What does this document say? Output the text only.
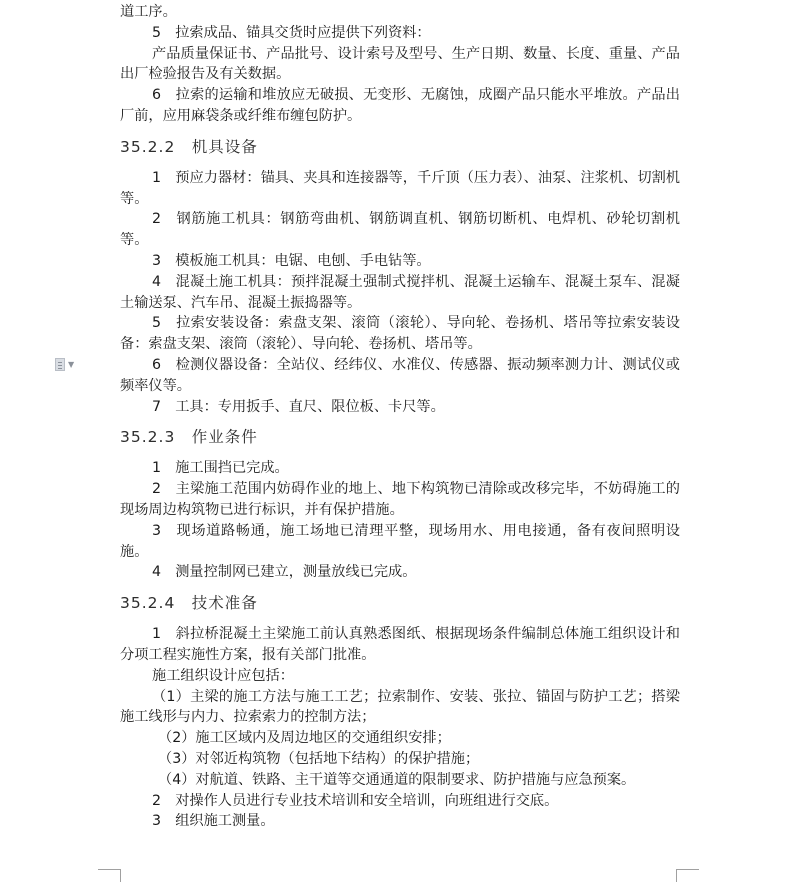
▼

道工序。

5　拉索成品、锚具交货时应提供下列资料：

产品质量保证书、产品批号、设计索号及型号、生产日期、数量、长度、重量、产品出厂检验报告及有关数据。

6　拉索的运输和堆放应无破损、无变形、无腐蚀，成圈产品只能水平堆放。产品出厂前，应用麻袋条或纤维布缠包防护。

35.2.2　机具设备

1　预应力器材：锚具、夹具和连接器等，千斤顶（压力表）、油泵、注浆机、切割机等。

2　钢筋施工机具：钢筋弯曲机、钢筋调直机、钢筋切断机、电焊机、砂轮切割机等。

3　模板施工机具：电锯、电刨、手电钻等。

4　混凝土施工机具：预拌混凝土强制式搅拌机、混凝土运输车、混凝土泵车、混凝土输送泵、汽车吊、混凝土振捣器等。

5　拉索安装设备：索盘支架、滚筒（滚轮）、导向轮、卷扬机、塔吊等拉索安装设备：索盘支架、滚筒（滚轮）、导向轮、卷扬机、塔吊等。

6　检测仪器设备：全站仪、经纬仪、水准仪、传感器、振动频率测力计、测试仪或频率仪等。

7　工具：专用扳手、直尺、限位板、卡尺等。

35.2.3　作业条件

1　施工围挡已完成。

2　主梁施工范围内妨碍作业的地上、地下构筑物已清除或改移完毕，不妨碍施工的现场周边构筑物已进行标识，并有保护措施。

3　现场道路畅通，施工场地已清理平整，现场用水、用电接通，备有夜间照明设施。

4　测量控制网已建立，测量放线已完成。

35.2.4　技术准备

1　斜拉桥混凝土主梁施工前认真熟悉图纸、根据现场条件编制总体施工组织设计和 分项工程实施性方案，报有关部门批准。

施工组织设计应包括：

（1）主梁的施工方法与施工工艺；拉索制作、安装、张拉、锚固与防护工艺；搭梁施工线形与内力、拉索索力的控制方法；

（2）施工区域内及周边地区的交通组织安排；

（3）对邻近构筑物（包括地下结构）的保护措施；

（4）对航道、铁路、主干道等交通通道的限制要求、防护措施与应急预案。

2　对操作人员进行专业技术培训和安全培训，向班组进行交底。

3　组织施工测量。
